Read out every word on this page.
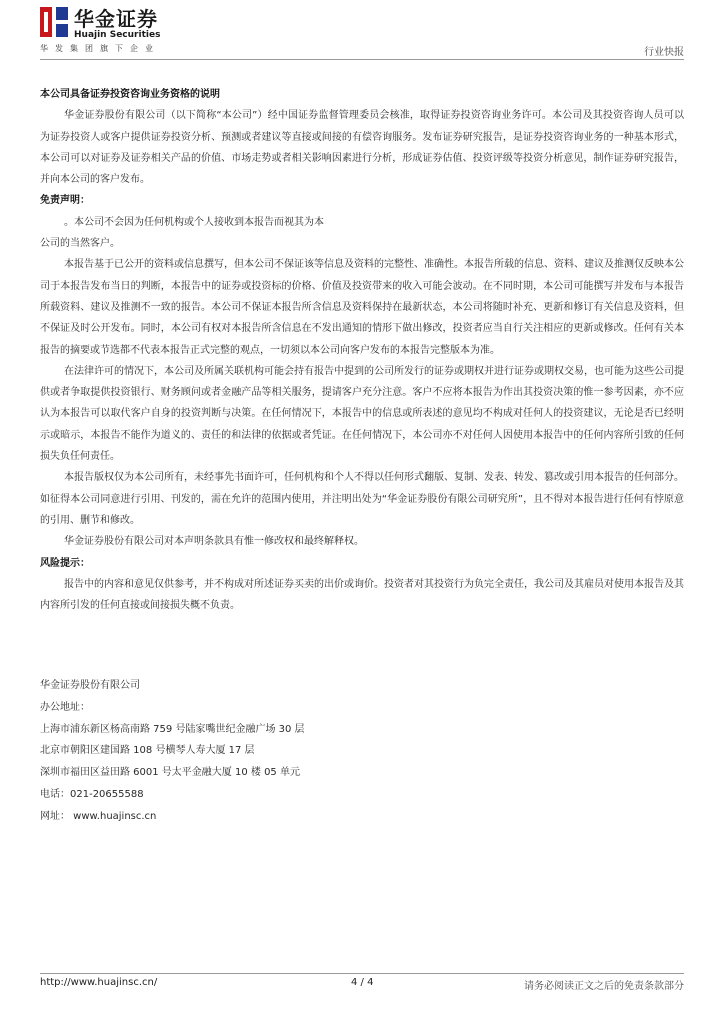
华金证券
Huajin Securities
华发集团旗下企业	行业快报

本公司具备证券投资咨询业务资格的说明

华金证券股份有限公司（以下简称“本公司”）经中国证券监督管理委员会核准，取得证券投资咨询业务许可。本公司及其投资咨询人员可以为证券投资人或客户提供证券投资分析、预测或者建议等直接或间接的有偿咨询服务。发布证券研究报告，是证券投资咨询业务的一种基本形式，本公司可以对证券及证券相关产品的价值、市场走势或者相关影响因素进行分析，形成证券估值、投资评级等投资分析意见，制作证券研究报告，并向本公司的客户发布。

免责声明：

。本公司不会因为任何机构或个人接收到本报告而视其为本

公司的当然客户。

本报告基于已公开的资料或信息撰写，但本公司不保证该等信息及资料的完整性、准确性。本报告所载的信息、资料、建议及推测仅反映本公司于本报告发布当日的判断，本报告中的证券或投资标的价格、价值及投资带来的收入可能会波动。在不同时期，本公司可能撰写并发布与本报告所载资料、建议及推测不一致的报告。本公司不保证本报告所含信息及资料保持在最新状态，本公司将随时补充、更新和修订有关信息及资料，但不保证及时公开发布。同时，本公司有权对本报告所含信息在不发出通知的情形下做出修改，投资者应当自行关注相应的更新或修改。任何有关本报告的摘要或节选都不代表本报告正式完整的观点，一切须以本公司向客户发布的本报告完整版本为准。

在法律许可的情况下，本公司及所属关联机构可能会持有报告中提到的公司所发行的证券或期权并进行证券或期权交易，也可能为这些公司提供或者争取提供投资银行、财务顾问或者金融产品等相关服务，提请客户充分注意。客户不应将本报告为作出其投资决策的惟一参考因素，亦不应认为本报告可以取代客户自身的投资判断与决策。在任何情况下，本报告中的信息或所表述的意见均不构成对任何人的投资建议，无论是否已经明示或暗示，本报告不能作为道义的、责任的和法律的依据或者凭证。在任何情况下，本公司亦不对任何人因使用本报告中的任何内容所引致的任何损失负任何责任。

本报告版权仅为本公司所有，未经事先书面许可，任何机构和个人不得以任何形式翻版、复制、发表、转发、篡改或引用本报告的任何部分。如征得本公司同意进行引用、刊发的，需在允许的范围内使用，并注明出处为“华金证券股份有限公司研究所”，且不得对本报告进行任何有悖原意的引用、删节和修改。

华金证券股份有限公司对本声明条款具有惟一修改权和最终解释权。

风险提示：

报告中的内容和意见仅供参考，并不构成对所述证券买卖的出价或询价。投资者对其投资行为负完全责任，我公司及其雇员对使用本报告及其内容所引发的任何直接或间接损失概不负责。

华金证券股份有限公司

办公地址：

上海市浦东新区杨高南路 759 号陆家嘴世纪金融广场 30 层

北京市朝阳区建国路 108 号横琴人寿大厦 17 层

深圳市福田区益田路 6001 号太平金融大厦 10 楼 05 单元

电话：021-20655588

网址： www.huajinsc.cn

http://www.huajinsc.cn/	4 / 4	请务必阅读正文之后的免责条款部分
